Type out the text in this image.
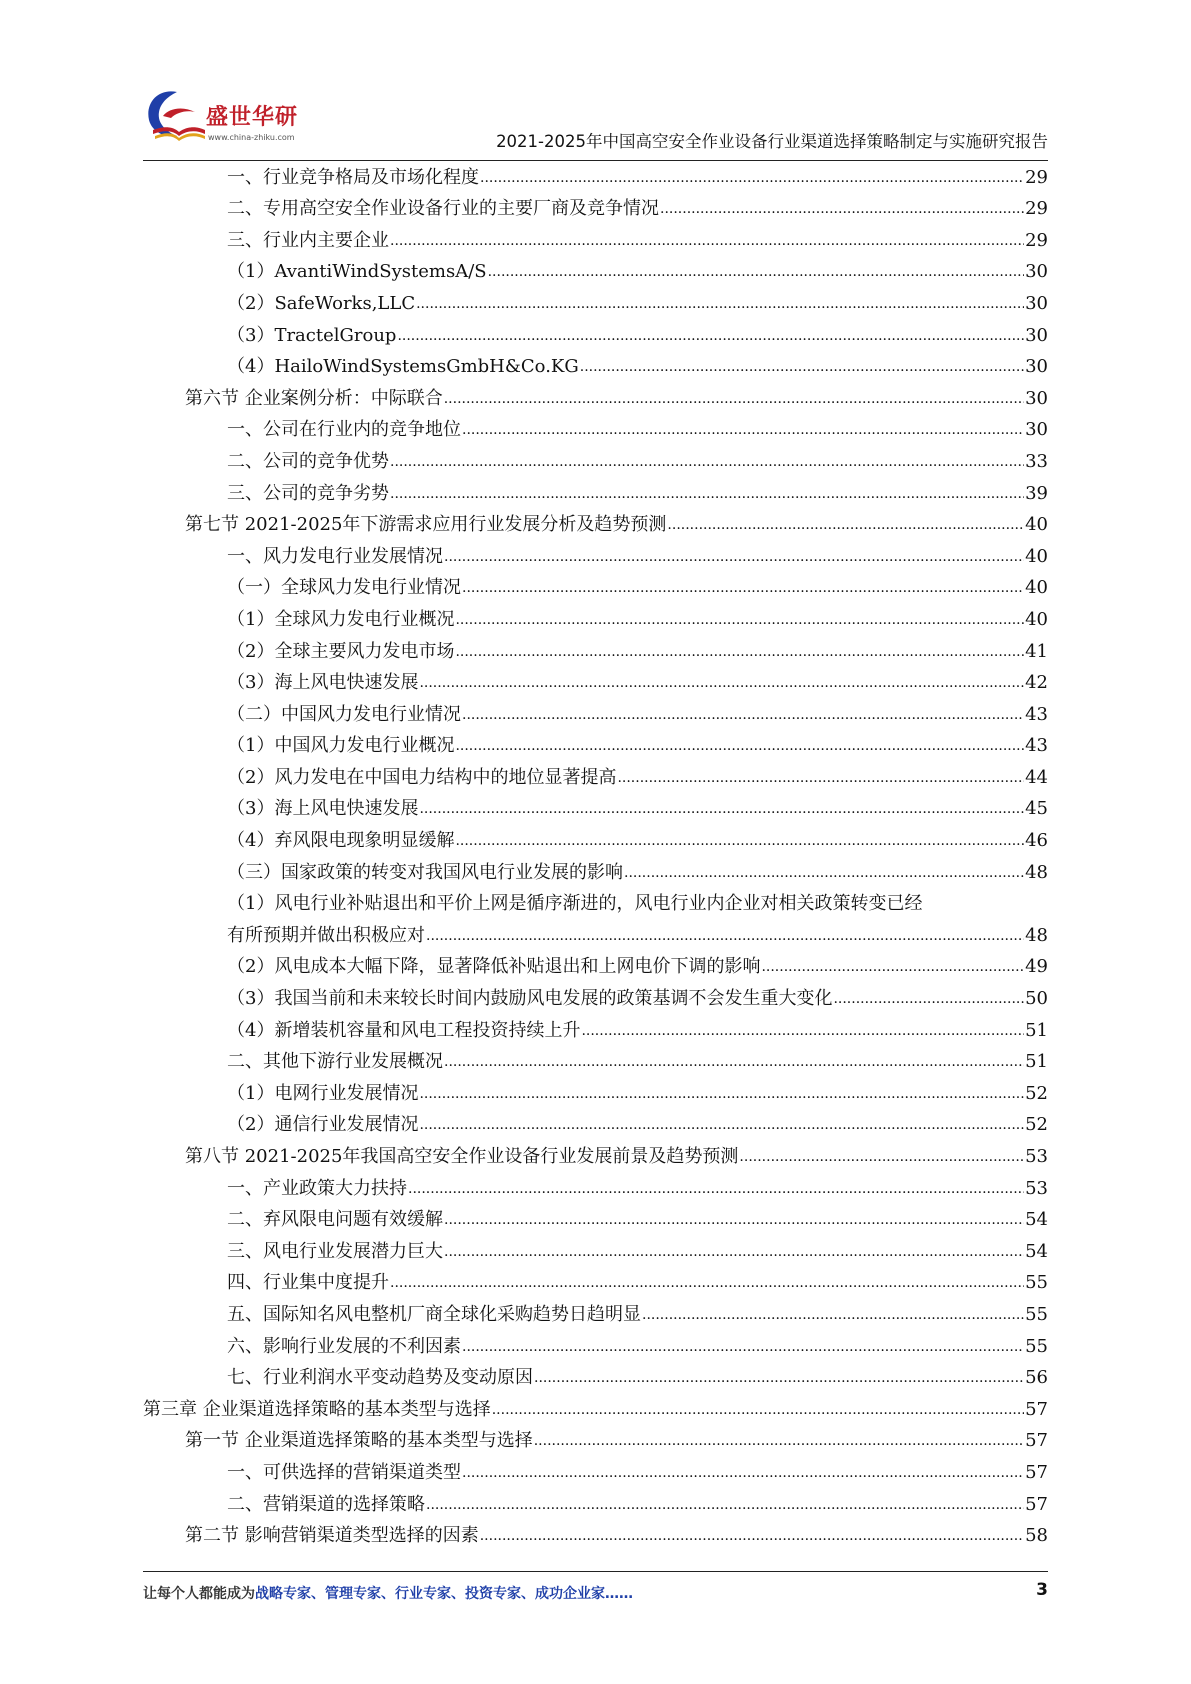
盛世华研
www.china-zhiku.com	2021-2025年中国高空安全作业设备行业渠道选择策略制定与实施研究报告
一、行业竞争格局及市场化程度 .....	29
二、专用高空安全作业设备行业的主要厂商及竞争情况 .....	29
三、行业内主要企业 .....	29
（1）AvantiWindSystemsA/S .....	30
（2）SafeWorks,LLC .....	30
（3）TractelGroup .....	30
（4）HailoWindSystemsGmbH&Co.KG .....	30
第六节 企业案例分析：中际联合 .....	30
一、公司在行业内的竞争地位 .....	30
二、公司的竞争优势 .....	33
三、公司的竞争劣势 .....	39
第七节 2021-2025年下游需求应用行业发展分析及趋势预测 .....	40
一、风力发电行业发展情况 .....	40
（一）全球风力发电行业情况 .....	40
（1）全球风力发电行业概况 .....	40
（2）全球主要风力发电市场 .....	41
（3）海上风电快速发展 .....	42
（二）中国风力发电行业情况 .....	43
（1）中国风力发电行业概况 .....	43
（2）风力发电在中国电力结构中的地位显著提高 .....	44
（3）海上风电快速发展 .....	45
（4）弃风限电现象明显缓解 .....	46
（三）国家政策的转变对我国风电行业发展的影响 .....	48
（1）风电行业补贴退出和平价上网是循序渐进的，风电行业内企业对相关政策转变已经
有所预期并做出积极应对 .....	48
（2）风电成本大幅下降，显著降低补贴退出和上网电价下调的影响 .....	49
（3）我国当前和未来较长时间内鼓励风电发展的政策基调不会发生重大变化 .....	50
（4）新增装机容量和风电工程投资持续上升 .....	51
二、其他下游行业发展概况 .....	51
（1）电网行业发展情况 .....	52
（2）通信行业发展情况 .....	52
第八节 2021-2025年我国高空安全作业设备行业发展前景及趋势预测 .....	53
一、产业政策大力扶持 .....	53
二、弃风限电问题有效缓解 .....	54
三、风电行业发展潜力巨大 .....	54
四、行业集中度提升 .....	55
五、国际知名风电整机厂商全球化采购趋势日趋明显 .....	55
六、影响行业发展的不利因素 .....	55
七、行业利润水平变动趋势及变动原因 .....	56
第三章 企业渠道选择策略的基本类型与选择 .....	57
第一节 企业渠道选择策略的基本类型与选择 .....	57
一、可供选择的营销渠道类型 .....	57
二、营销渠道的选择策略 .....	57
第二节 影响营销渠道类型选择的因素 .....	58
让每个人都能成为战略专家、管理专家、行业专家、投资专家、成功企业家……	3
